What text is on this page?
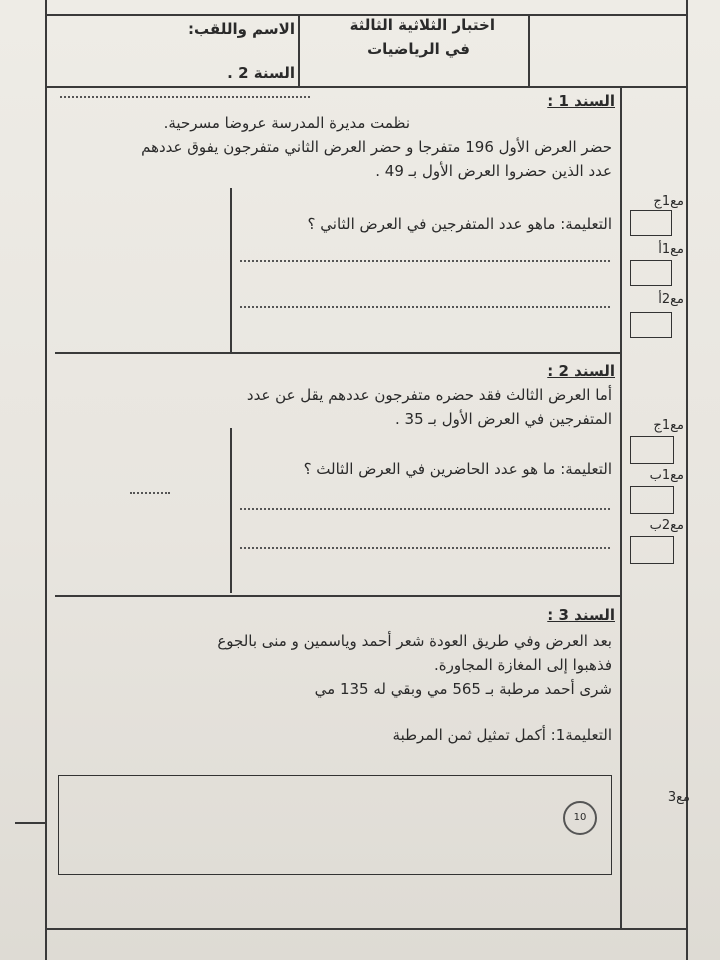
اختبار الثلاثية الثالثة
في الرياضيات
الاسم واللقب:
السنة 2 .
السند 1 :
نظمت مديرة المدرسة عروضا مسرحية.
حضر العرض الأول 196 متفرجا و حضر العرض الثاني متفرجون يفوق عددهم
عدد الذين حضروا العرض الأول بـ 49 .
التعليمة: ماهو عدد المتفرجين في العرض الثاني ؟
مع1ج
مع1أ
مع2أ
السند 2 :
أما العرض الثالث فقد حضره متفرجون عددهم يقل عن عدد
المتفرجين في العرض الأول بـ 35 .
التعليمة: ما هو عدد الحاضرين في العرض الثالث ؟
مع1ج
مع1ب
مع2ب
السند 3 :
بعد العرض وفي طريق العودة شعر أحمد وياسمين و منى بالجوع
فذهبوا إلى المغازة المجاورة.
شرى أحمد مرطبة بـ 565 مي وبقي له 135 مي
التعليمة1: أكمل تمثيل ثمن المرطبة
10
مع3
